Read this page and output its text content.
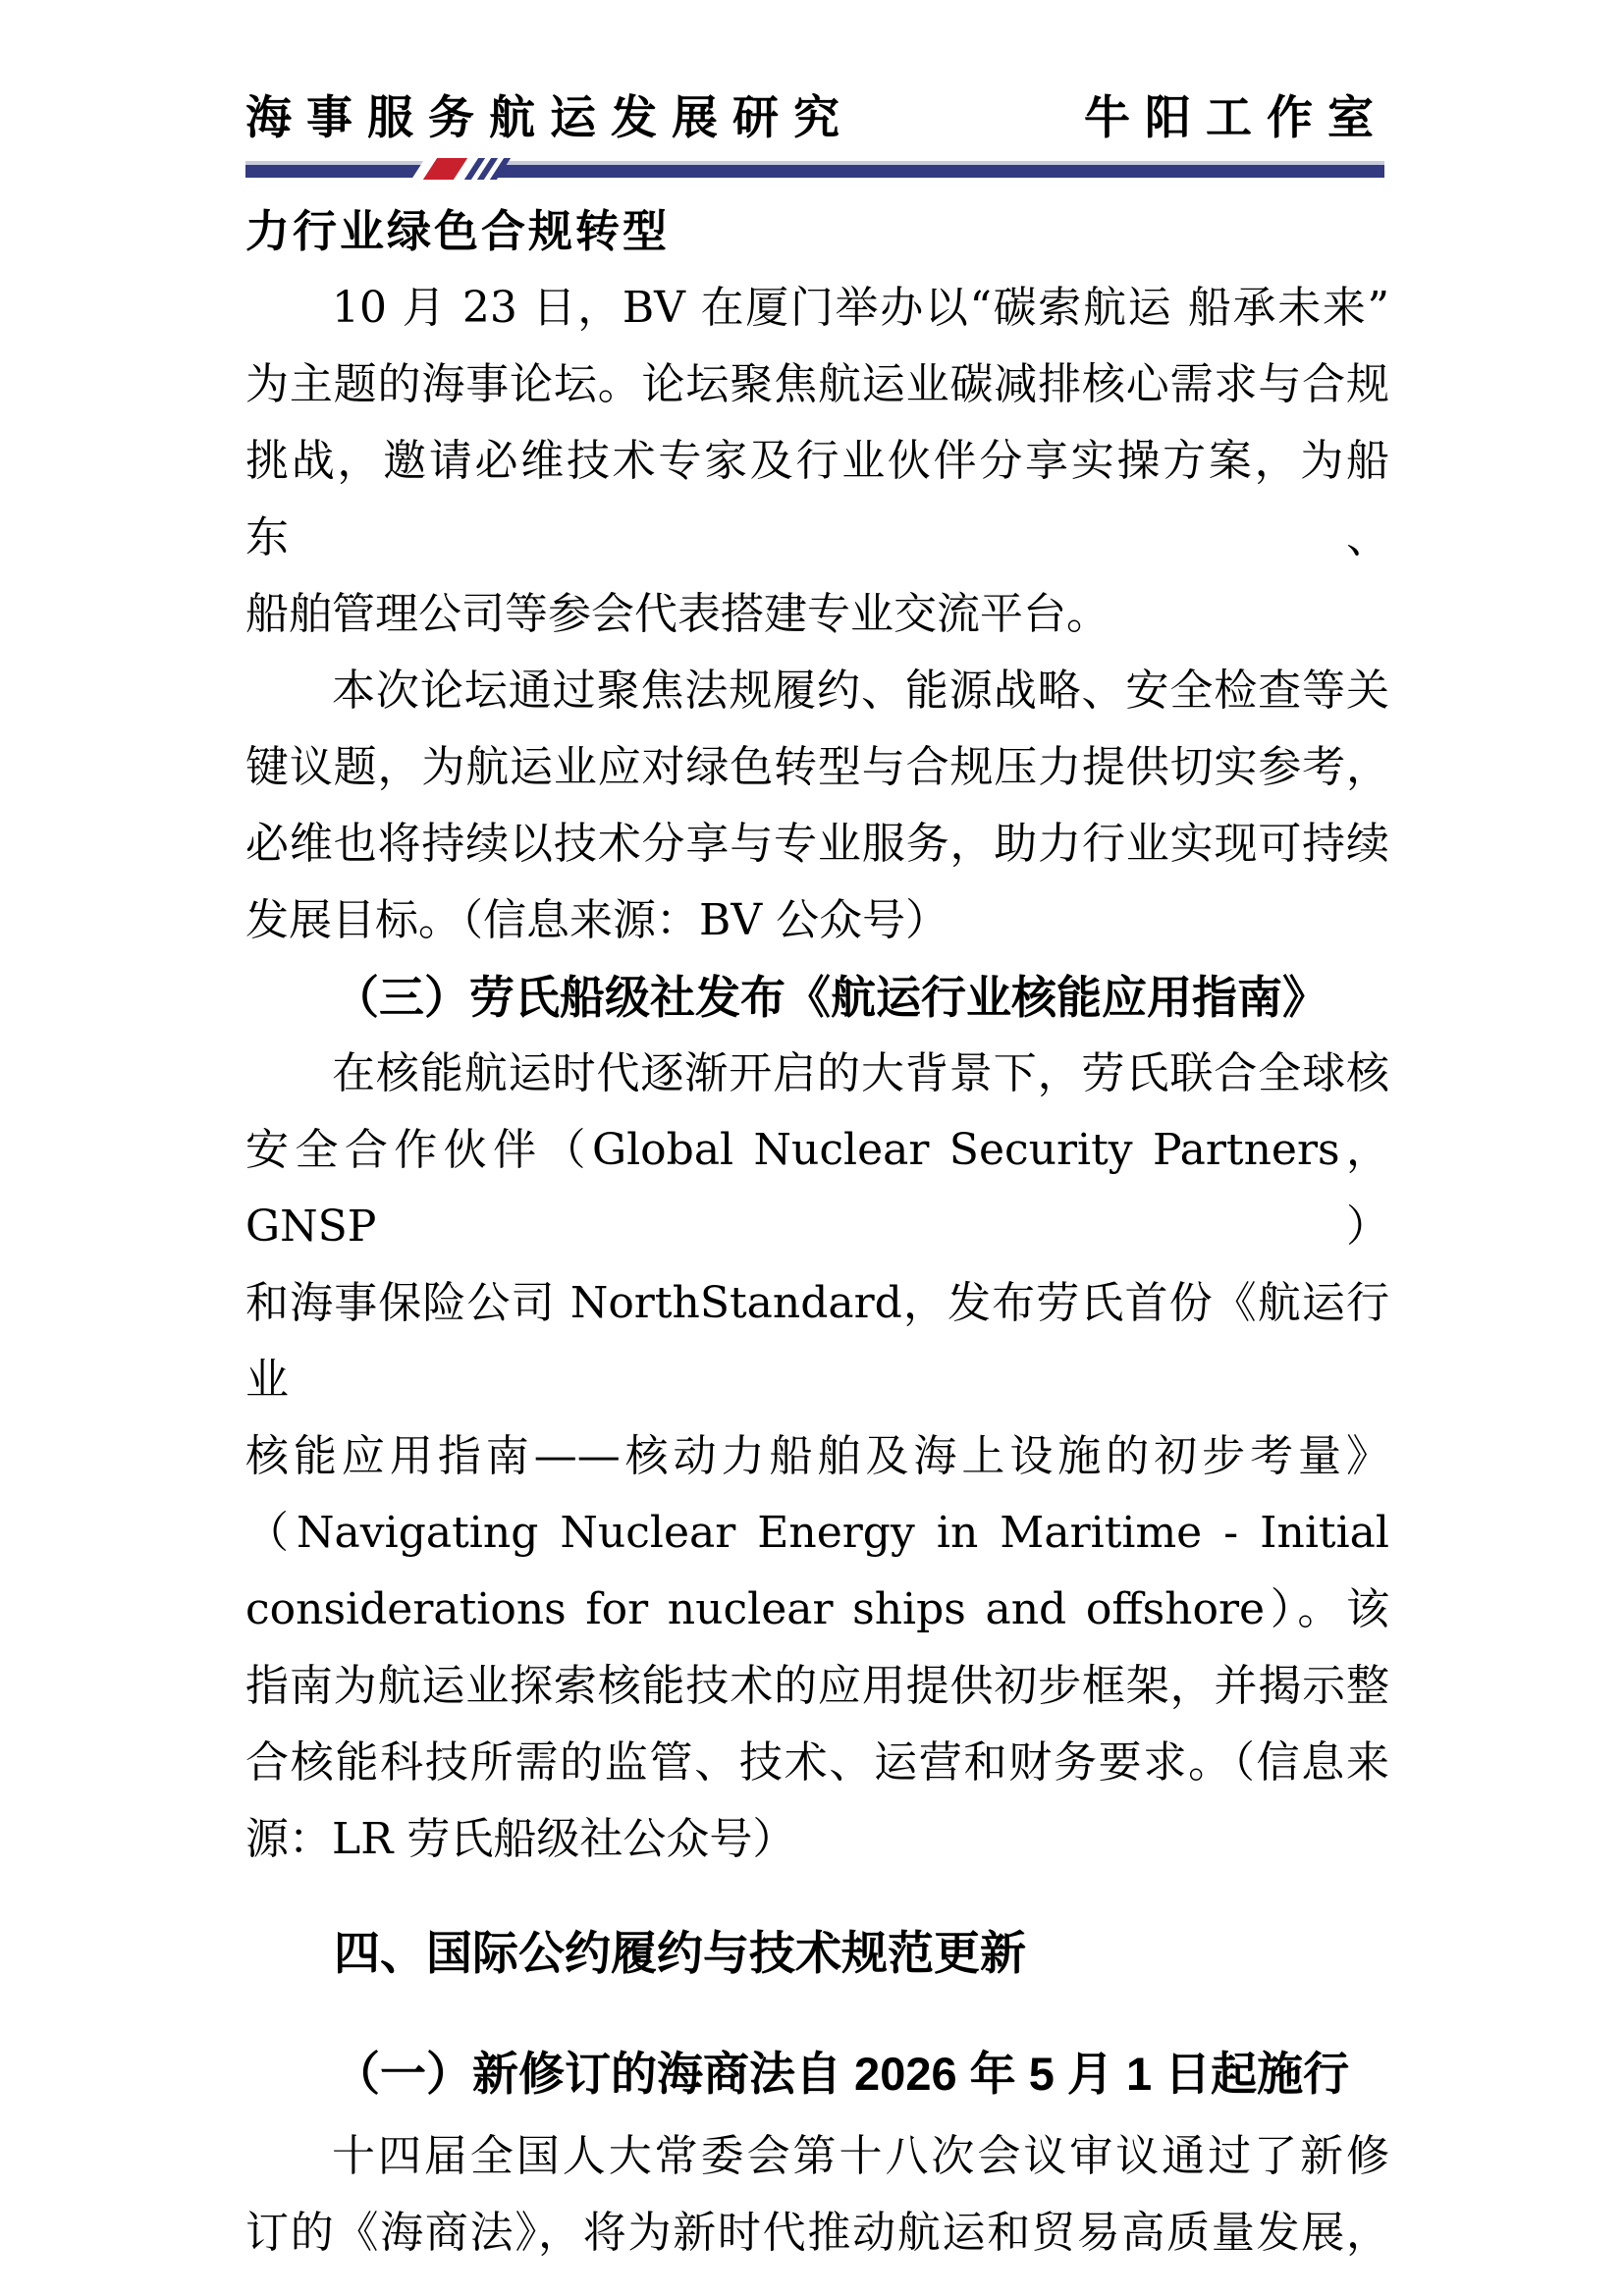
海事服务航运发展研究	牛阳工作室
力行业绿色合规转型
10 月 23 日，BV 在厦门举办以“碳索航运 船承未来”
为主题的海事论坛。论坛聚焦航运业碳减排核心需求与合规
挑战，邀请必维技术专家及行业伙伴分享实操方案，为船东、
船舶管理公司等参会代表搭建专业交流平台。
本次论坛通过聚焦法规履约、能源战略、安全检查等关
键议题，为航运业应对绿色转型与合规压力提供切实参考，
必维也将持续以技术分享与专业服务，助力行业实现可持续
发展目标。（信息来源：BV 公众号）
（三）劳氏船级社发布《航运行业核能应用指南》
在核能航运时代逐渐开启的大背景下，劳氏联合全球核
安全合作伙伴（Global Nuclear Security Partners，GNSP）
和海事保险公司 NorthStandard，发布劳氏首份《航运行业
核能应用指南——核动力船舶及海上设施的初步考量》
（Navigating Nuclear Energy in Maritime - Initial
considerations for nuclear ships and offshore）。该
指南为航运业探索核能技术的应用提供初步框架，并揭示整
合核能科技所需的监管、技术、运营和财务要求。（信息来
源：LR 劳氏船级社公众号）
四、国际公约履约与技术规范更新
（一）新修订的海商法自 2026 年 5 月 1 日起施行
十四届全国人大常委会第十八次会议审议通过了新修
订的《海商法》，将为新时代推动航运和贸易高质量发展，
